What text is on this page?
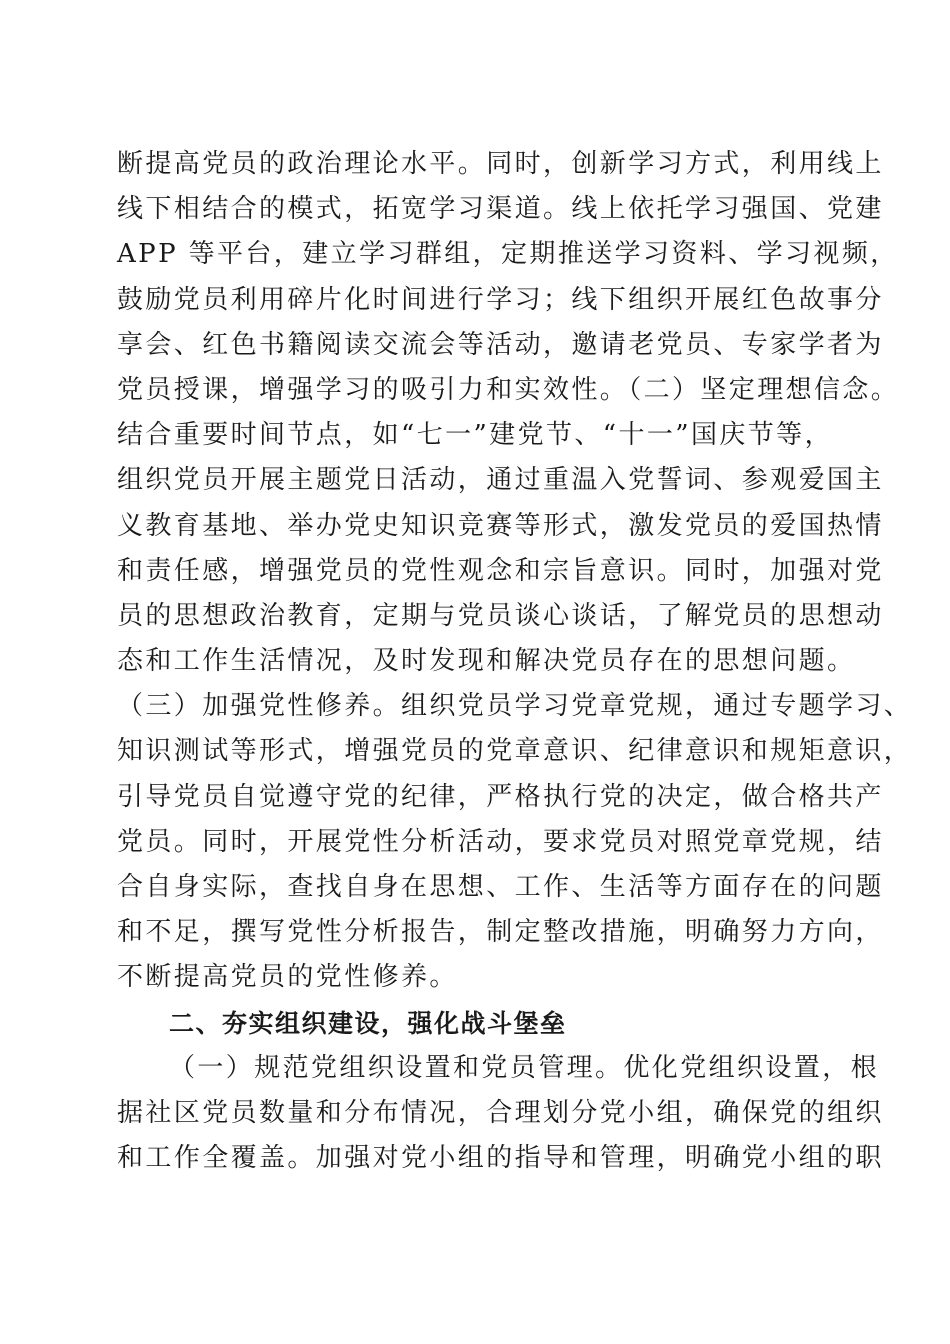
断提高党员的政治理论水平。同时，创新学习方式，利用线上
线下相结合的模式，拓宽学习渠道。线上依托学习强国、党建
APP 等平台，建立学习群组，定期推送学习资料、学习视频，
鼓励党员利用碎片化时间进行学习；线下组织开展红色故事分
享会、红色书籍阅读交流会等活动，邀请老党员、专家学者为
党员授课，增强学习的吸引力和实效性。（二）坚定理想信念。
结合重要时间节点，如“七一”建党节、“十一”国庆节等，
组织党员开展主题党日活动，通过重温入党誓词、参观爱国主
义教育基地、举办党史知识竞赛等形式，激发党员的爱国热情
和责任感，增强党员的党性观念和宗旨意识。同时，加强对党
员的思想政治教育，定期与党员谈心谈话，了解党员的思想动
态和工作生活情况，及时发现和解决党员存在的思想问题。
（三）加强党性修养。组织党员学习党章党规，通过专题学习、
知识测试等形式，增强党员的党章意识、纪律意识和规矩意识，
引导党员自觉遵守党的纪律，严格执行党的决定，做合格共产
党员。同时，开展党性分析活动，要求党员对照党章党规，结
合自身实际，查找自身在思想、工作、生活等方面存在的问题
和不足，撰写党性分析报告，制定整改措施，明确努力方向，
不断提高党员的党性修养。
二、夯实组织建设，强化战斗堡垒
（一）规范党组织设置和党员管理。优化党组织设置，根
据社区党员数量和分布情况，合理划分党小组，确保党的组织
和工作全覆盖。加强对党小组的指导和管理，明确党小组的职
